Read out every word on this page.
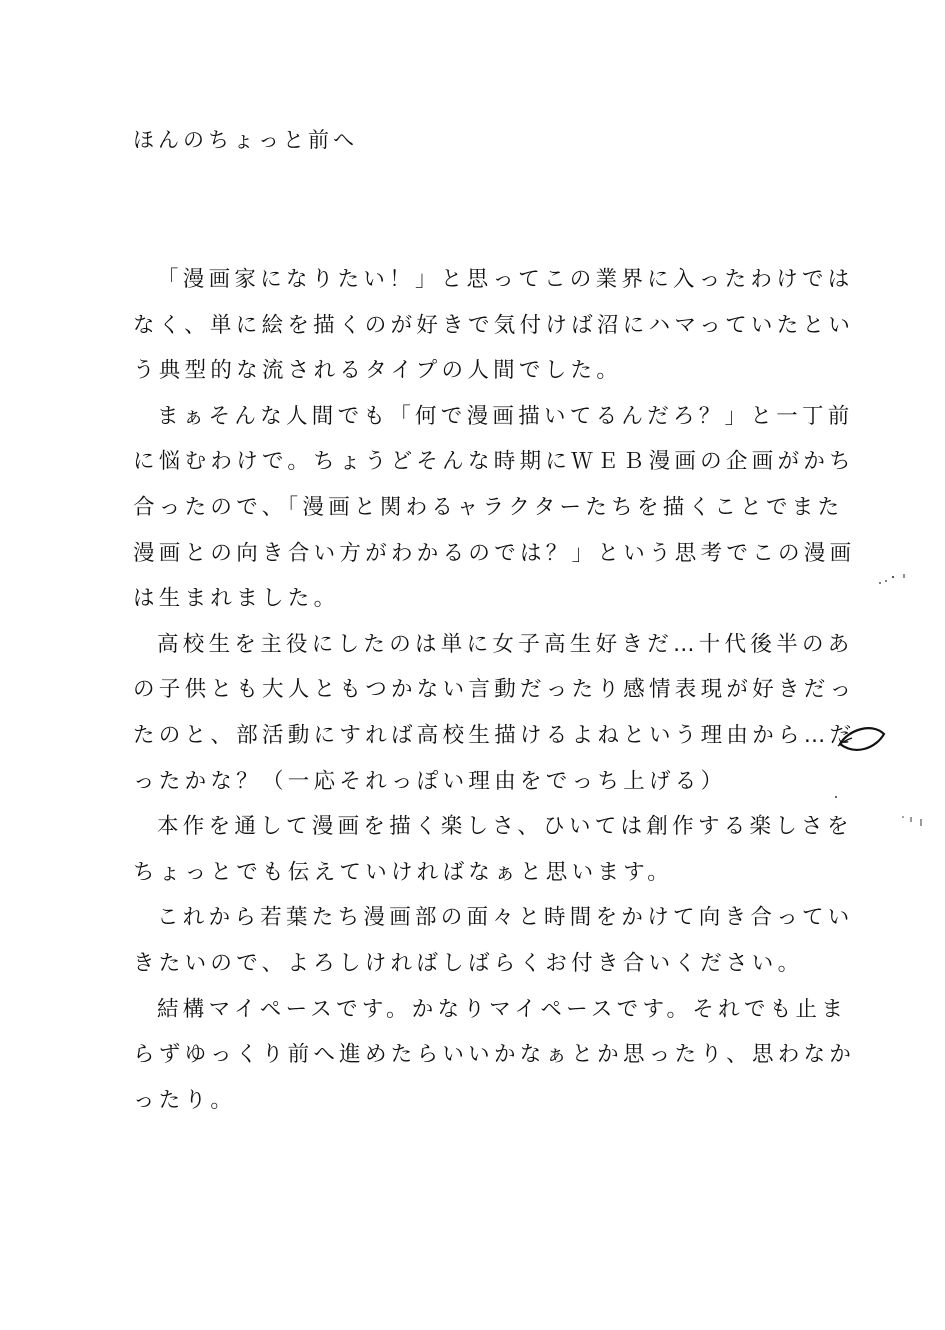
ほんのちょっと前へ
「漫画家になりたい！」と思ってこの業界に入ったわけでは
なく、単に絵を描くのが好きで気付けば沼にハマっていたとい
う典型的な流されるタイプの人間でした。
まぁそんな人間でも「何で漫画描いてるんだろ？」と一丁前
に悩むわけで。ちょうどそんな時期にＷＥＢ漫画の企画がかち
合ったので、「漫画と関わるャラクターたちを描くことでまた
漫画との向き合い方がわかるのでは？」という思考でこの漫画
は生まれました。
高校生を主役にしたのは単に女子高生好きだ…十代後半のあ
の子供とも大人ともつかない言動だったり感情表現が好きだっ
たのと、部活動にすれば高校生描けるよねという理由から…だ
ったかな？（一応それっぽい理由をでっち上げる）
本作を通して漫画を描く楽しさ、ひいては創作する楽しさを
ちょっとでも伝えていければなぁと思います。
これから若葉たち漫画部の面々と時間をかけて向き合ってい
きたいので、よろしければしばらくお付き合いください。
結構マイペースです。かなりマイペースです。それでも止ま
らずゆっくり前へ進めたらいいかなぁとか思ったり、思わなか
ったり。
